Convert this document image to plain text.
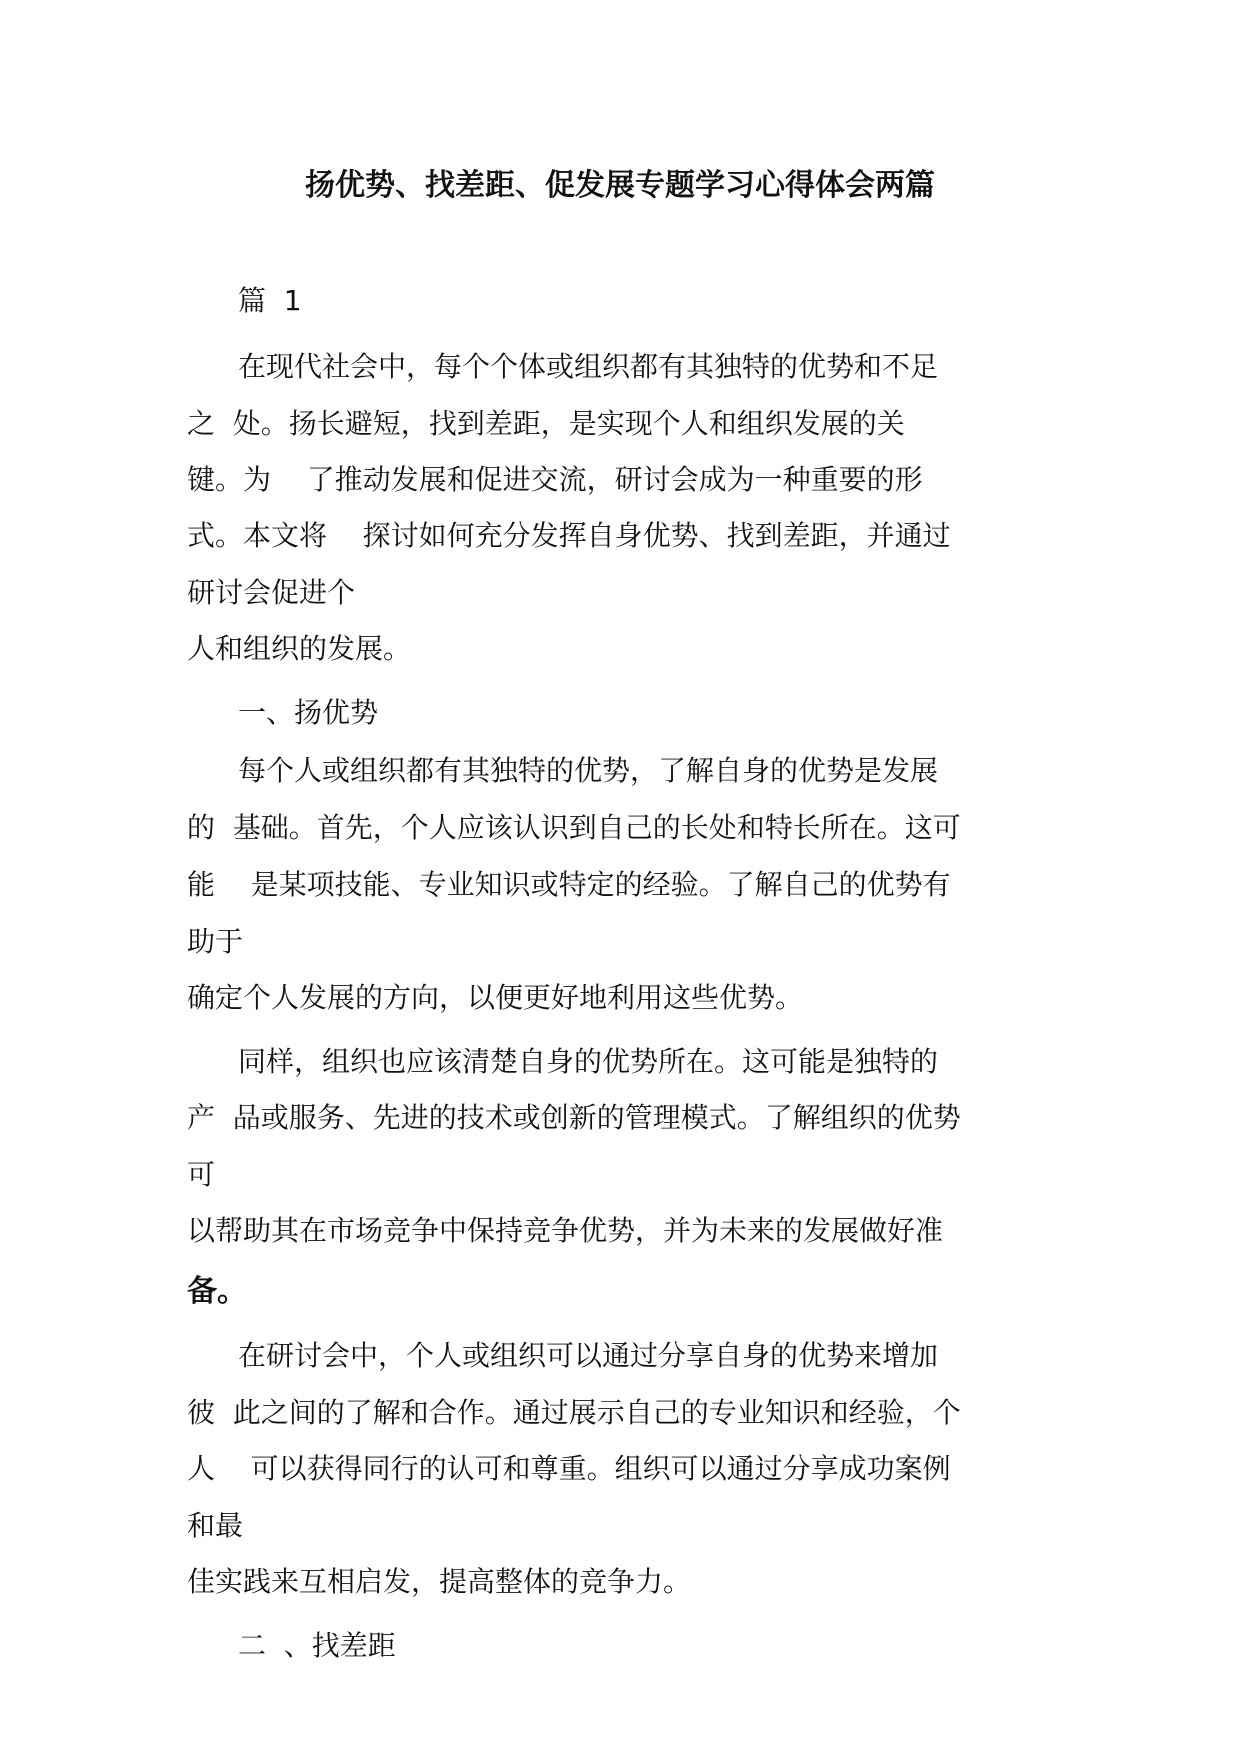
扬优势、找差距、促发展专题学习心得体会两篇
篇  1
在现代社会中，每个个体或组织都有其独特的优势和不足
之  处。扬长避短，找到差距，是实现个人和组织发展的关
键。为    了推动发展和促进交流，研讨会成为一种重要的形
式。本文将    探讨如何充分发挥自身优势、找到差距，并通过
研讨会促进个
人和组织的发展。
一、扬优势
每个人或组织都有其独特的优势，了解自身的优势是发展
的  基础。首先，个人应该认识到自己的长处和特长所在。这可
能    是某项技能、专业知识或特定的经验。了解自己的优势有
助于
确定个人发展的方向，以便更好地利用这些优势。
同样，组织也应该清楚自身的优势所在。这可能是独特的
产  品或服务、先进的技术或创新的管理模式。了解组织的优势
可
以帮助其在市场竞争中保持竞争优势，并为未来的发展做好准
备。
在研讨会中，个人或组织可以通过分享自身的优势来增加
彼  此之间的了解和合作。通过展示自己的专业知识和经验，个
人    可以获得同行的认可和尊重。组织可以通过分享成功案例
和最
佳实践来互相启发，提高整体的竞争力。
二  、找差距
